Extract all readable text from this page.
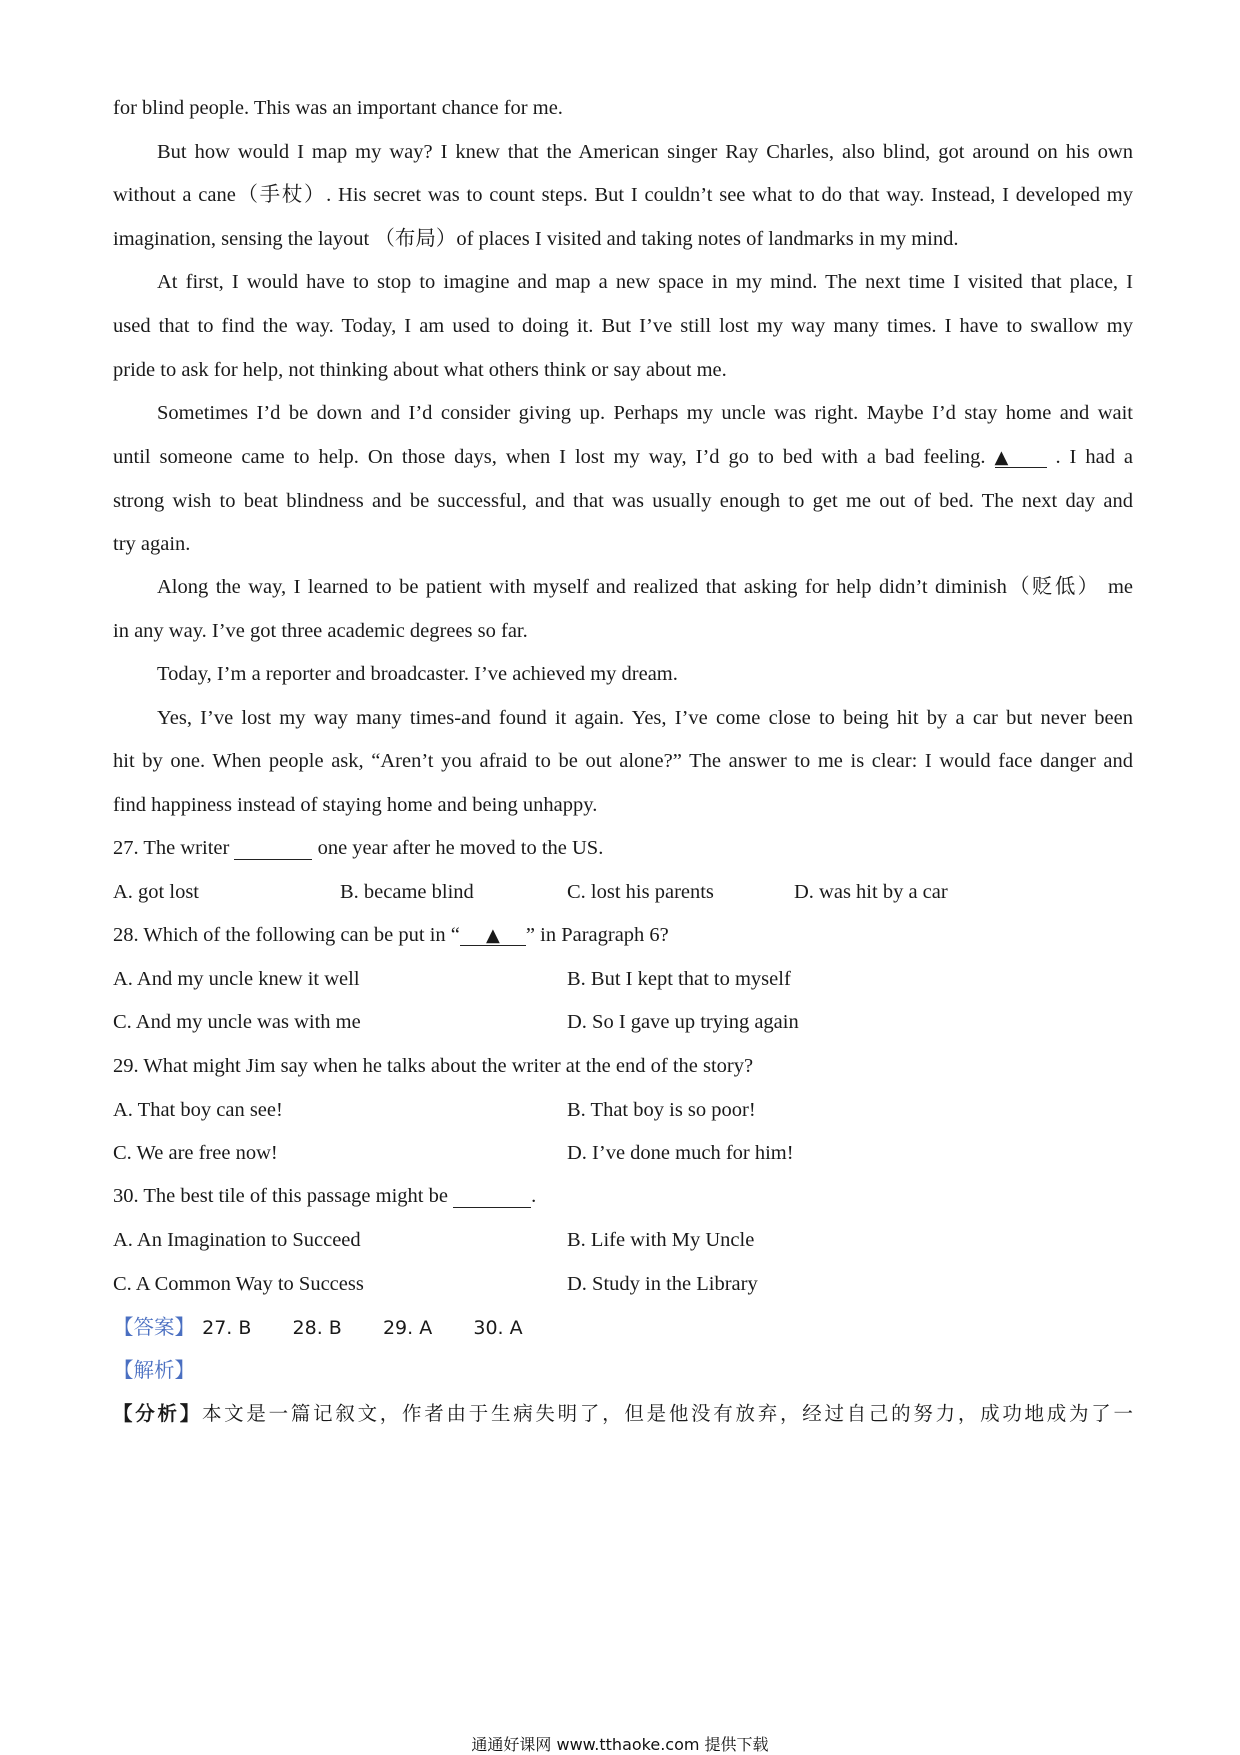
for blind people. This was an important chance for me.
But how would I map my way? I knew that the American singer Ray Charles, also blind, got around on his own
without a cane（手杖）. His secret was to count steps. But I couldn’t see what to do that way. Instead, I developed my
imagination, sensing the layout （布局）of places I visited and taking notes of landmarks in my mind.
At first, I would have to stop to imagine and map a new space in my mind. The next time I visited that place, I
used that to find the way. Today, I am used to doing it. But I’ve still lost my way many times. I have to swallow my
pride to ask for help, not thinking about what others think or say about me.
Sometimes I’d be down and I’d consider giving up. Perhaps my uncle was right. Maybe I’d stay home and wait
until someone came to help. On those days, when I lost my way, I’d go to bed with a bad feeling. ▲ . I had a
strong wish to beat blindness and be successful, and that was usually enough to get me out of bed. The next day and
try again.
Along the way, I learned to be patient with myself and realized that asking for help didn’t diminish（贬低） me
in any way. I’ve got three academic degrees so far.
Today, I’m a reporter and broadcaster. I’ve achieved my dream.
Yes, I’ve lost my way many times-and found it again. Yes, I’ve come close to being hit by a car but never been
hit by one. When people ask, “Aren’t you afraid to be out alone?” The answer to me is clear: I would face danger and
find happiness instead of staying home and being unhappy.
27. The writer	one year after he moved to the US.
A. got lost	B. became blind	C. lost his parents	D. was hit by a car
28. Which of the following can be put in “ ▲ ” in Paragraph 6?
A. And my uncle knew it well	B. But I kept that to myself
C. And my uncle was with me	D. So I gave up trying again
29. What might Jim say when he talks about the writer at the end of the story?
A. That boy can see!	B. That boy is so poor!
C. We are free now!	D. I’ve done much for him!
30. The best tile of this passage might be	.
A. An Imagination to Succeed	B. Life with My Uncle
C. A Common Way to Success	D. Study in the Library
【答案】 27. B 28. B 29. A 30. A
【解析】
【分析】本文是一篇记叙文，作者由于生病失明了，但是他没有放弃，经过自己的努力，成功地成为了一
通通好课网 www.tthaoke.com 提供下载
